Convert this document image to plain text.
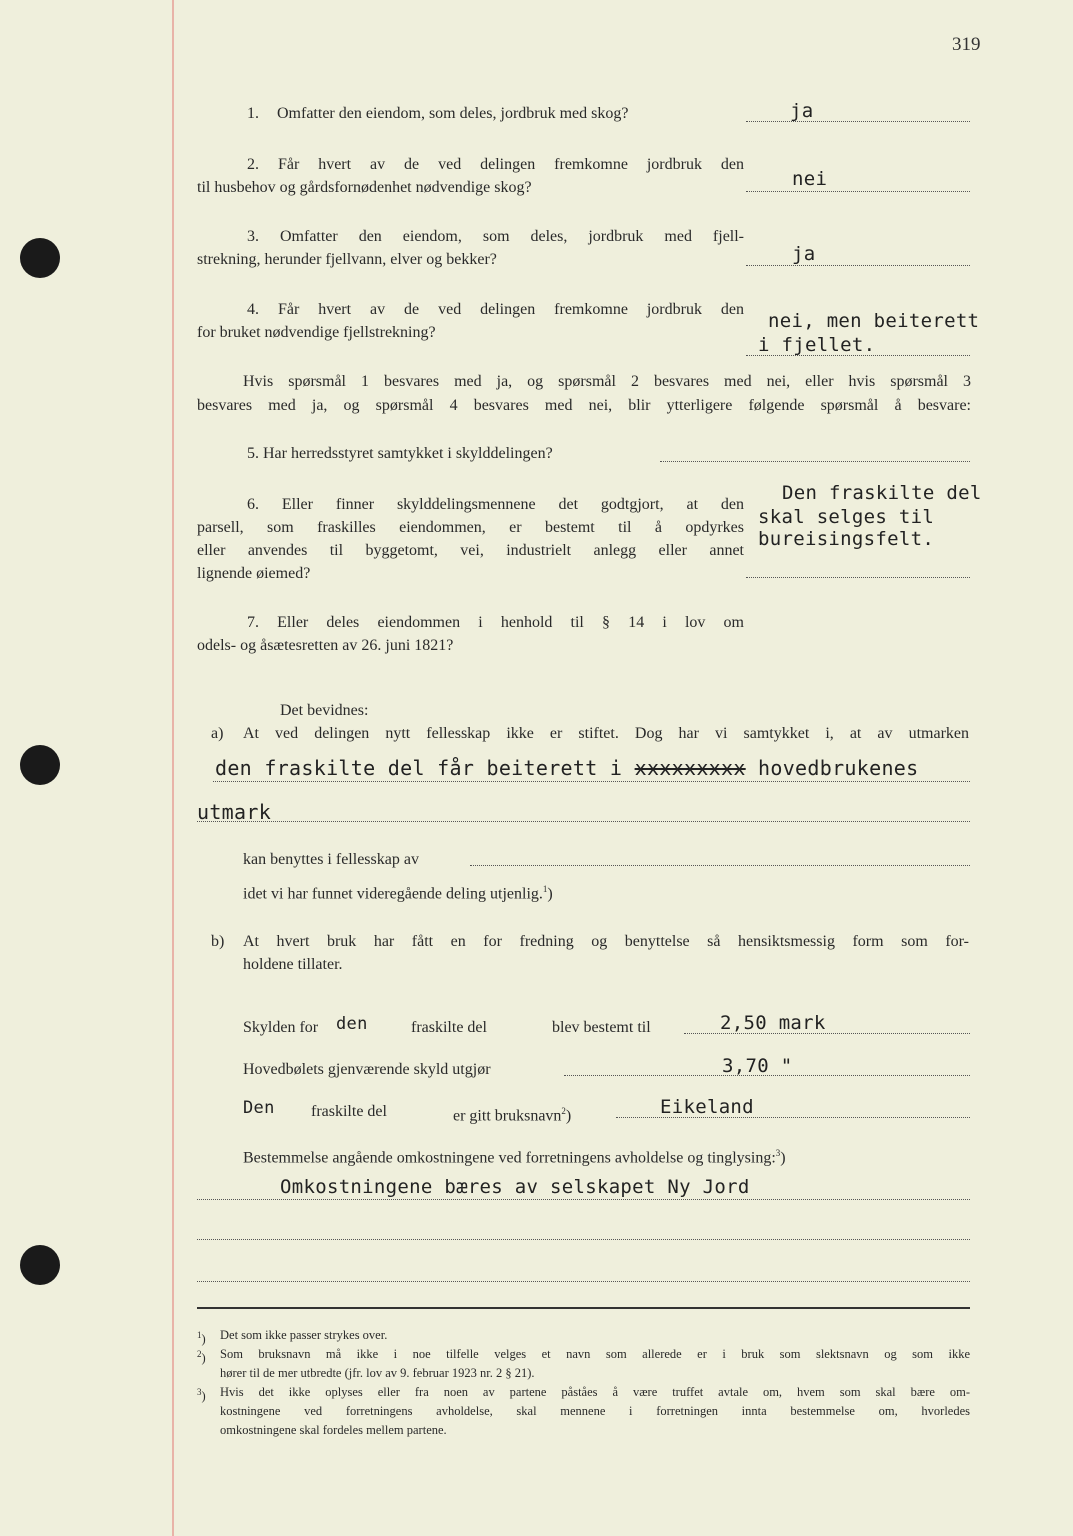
319
1. Omfatter den eiendom, som deles, jordbruk med skog?	ja
2. Får hvert av de ved delingen fremkomne jordbruk den
til husbehov og gårdsfornødenhet nødvendige skog?	nei
3. Omfatter den eiendom, som deles, jordbruk med fjell-
strekning, herunder fjellvann, elver og bekker?	ja
4. Får hvert av de ved delingen fremkomne jordbruk den
for bruket nødvendige fjellstrekning?
nei, men beiterett
i fjellet.
Hvis spørsmål 1 besvares med ja, og spørsmål 2 besvares med nei, eller hvis spørsmål 3
besvares med ja, og spørsmål 4 besvares med nei, blir ytterligere følgende spørsmål å besvare:
5. Har herredsstyret samtykket i skylddelingen?
6. Eller finner skylddelingsmennene det godtgjort, at den
parsell, som fraskilles eiendommen, er bestemt til å opdyrkes
eller anvendes til byggetomt, vei, industrielt anlegg eller annet
lignende øiemed?
Den fraskilte del
skal selges til
bureisingsfelt.
7. Eller deles eiendommen i henhold til § 14 i lov om
odels- og åsætesretten av 26. juni 1821?
Det bevidnes:
a) At ved delingen nytt fellesskap ikke er stiftet. Dog har vi samtykket i, at av utmarken
den fraskilte del får beiterett i xxxxxxxxx hovedbrukenes
utmark
kan benyttes i fellesskap av
idet vi har funnet videregående deling utjenlig.$^1$)
b) At hvert bruk har fått en for fredning og benyttelse så hensiktsmessig form som for-
holdene tillater.
Skylden for den	fraskilte del	blev bestemt til	2,50 mark
Hovedbølets gjenværende skyld utgjør	3,70 "
Den fraskilte del	er gitt bruksnavn$^2$)	Eikeland
Bestemmelse angående omkostningene ved forretningens avholdelse og tinglysing:$^3$)
Omkostningene bæres av selskapet Ny Jord
$^1$) Det som ikke passer strykes over.
$^2$) Som bruksnavn må ikke i noe tilfelle velges et navn som allerede er i bruk som slektsnavn og som ikke
hører til de mer utbredte (jfr. lov av 9. februar 1923 nr. 2 § 21).
$^3$) Hvis det ikke oplyses eller fra noen av partene påståes å være truffet avtale om, hvem som skal bære om-
kostningene ved forretningens avholdelse, skal mennene i forretningen innta bestemmelse om, hvorledes
omkostningene skal fordeles mellem partene.
